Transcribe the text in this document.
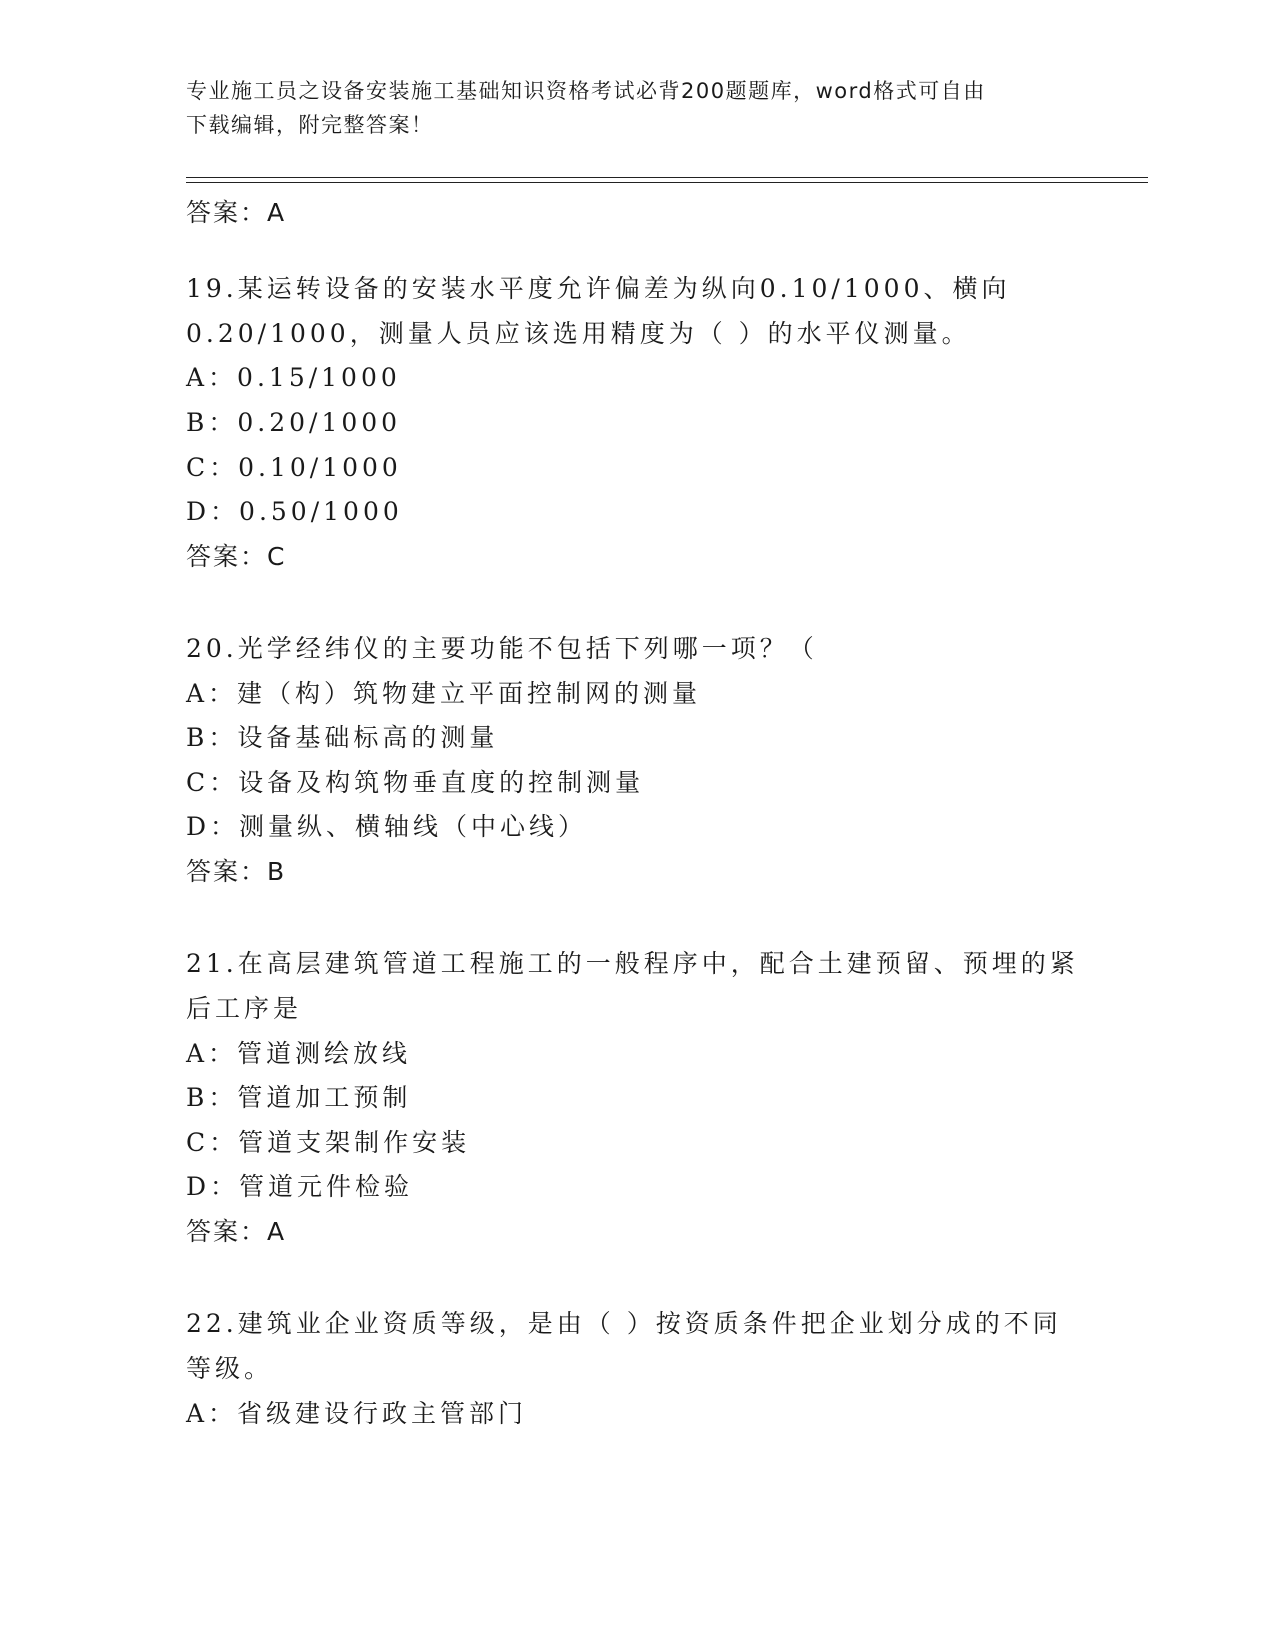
专业施工员之设备安装施工基础知识资格考试必背200题题库，word格式可自由
下载编辑，附完整答案！
答案：A
19.某运转设备的安装水平度允许偏差为纵向0.10/1000、横向
0.20/1000，测量人员应该选用精度为（ ）的水平仪测量。
A：0.15/1000
B：0.20/1000
C：0.10/1000
D：0.50/1000
答案：C
20.光学经纬仪的主要功能不包括下列哪一项？（
A：建（构）筑物建立平面控制网的测量
B：设备基础标高的测量
C：设备及构筑物垂直度的控制测量
D：测量纵、横轴线（中心线）
答案：B
21.在高层建筑管道工程施工的一般程序中，配合土建预留、预埋的紧
后工序是
A：管道测绘放线
B：管道加工预制
C：管道支架制作安装
D：管道元件检验
答案：A
22.建筑业企业资质等级，是由（ ）按资质条件把企业划分成的不同
等级。
A：省级建设行政主管部门
